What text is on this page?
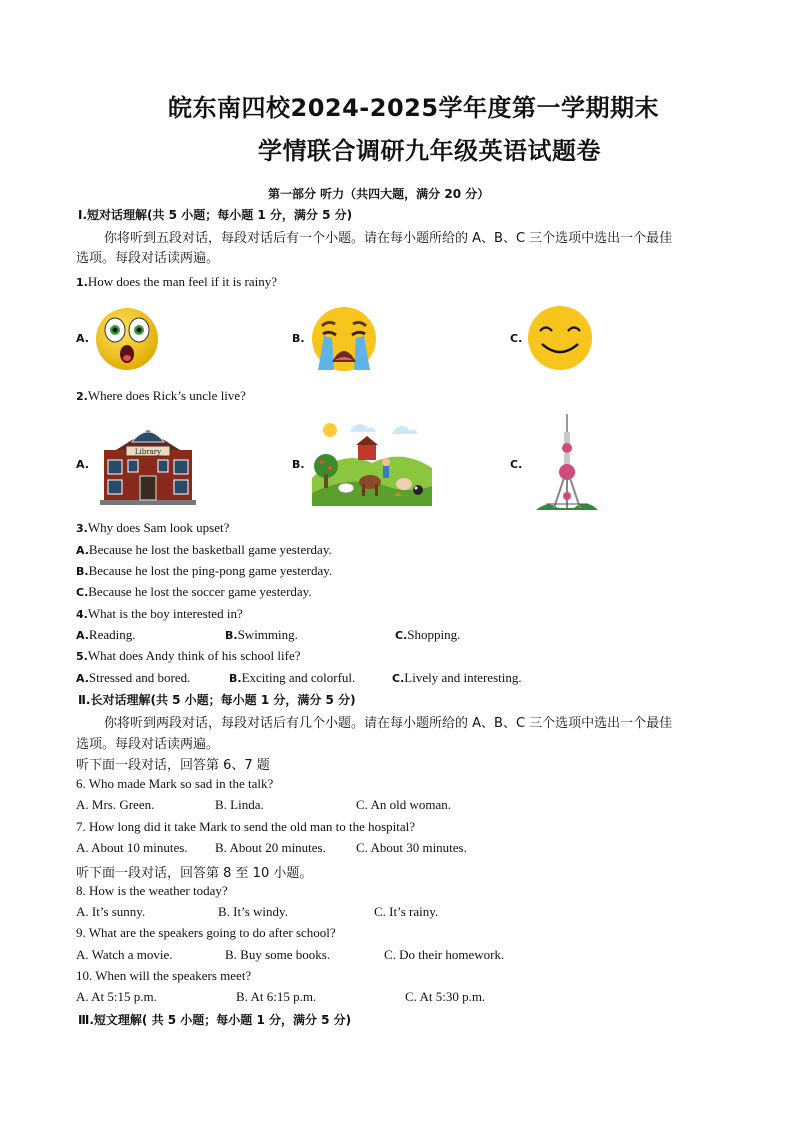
皖东南四校2024-2025学年度第一学期期末
学情联合调研九年级英语试题卷
第一部分 听力（共四大题，满分 20 分）
Ⅰ.短对话理解(共 5 小题；每小题 1 分，满分 5 分)
你将听到五段对话，每段对话后有一个小题。请在每小题所给的 A、B、C 三个选项中选出一个最佳
选项。每段对话读两遍。
1.How does the man feel if it is rainy?
A.	B.	C.
2.Where does Rick’s uncle live?
A.	B.	C.
Library
3.Why does Sam look upset?
A.Because he lost the basketball game yesterday.
B.Because he lost the ping-pong game yesterday.
C.Because he lost the soccer game yesterday.
4.What is the boy interested in?
A.Reading.	B.Swimming.	C.Shopping.
5.What does Andy think of his school life?
A.Stressed and bored.	B.Exciting and colorful.	C.Lively and interesting.
Ⅱ.长对话理解(共 5 小题；每小题 1 分，满分 5 分)
你将听到两段对话，每段对话后有几个小题。请在每小题所给的 A、B、C 三个选项中选出一个最佳
选项。每段对话读两遍。
听下面一段对话，回答第 6、7 题
6. Who made Mark so sad in the talk?
A. Mrs. Green.	B. Linda.	C. An old woman.
7. How long did it take Mark to send the old man to the hospital?
A. About 10 minutes. B. About 20 minutes. C. About 30 minutes.
听下面一段对话，回答第 8 至 10 小题。
8. How is the weather today?
A. It’s sunny.	B. It’s windy.	C. It’s rainy.
9. What are the speakers going to do after school?
A. Watch a movie.	B. Buy some books.	C. Do their homework.
10. When will the speakers meet?
A. At 5:15 p.m.	B. At 6:15 p.m.	C. At 5:30 p.m.
Ⅲ.短文理解( 共 5 小题；每小题 1 分，满分 5 分)
